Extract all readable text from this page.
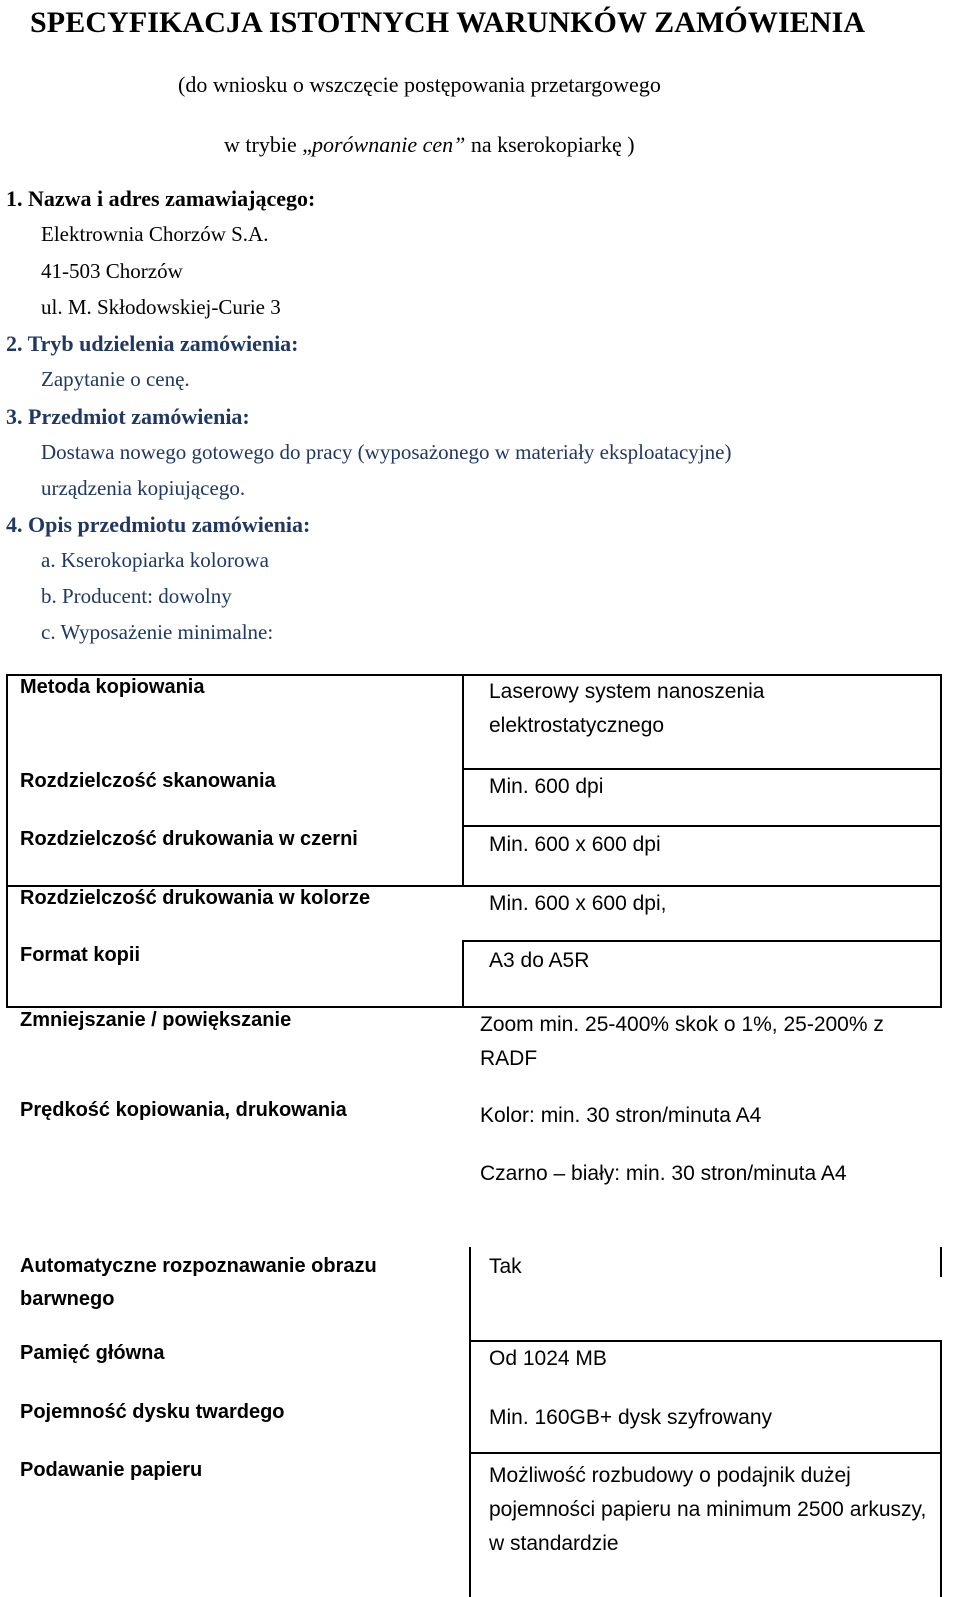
SPECYFIKACJA ISTOTNYCH WARUNKÓW ZAMÓWIENIA
(do wniosku o wszczęcie postępowania przetargowego
w trybie „porównanie cen” na kserokopiarkę )
1. Nazwa i adres zamawiającego:
Elektrownia Chorzów S.A.
41-503 Chorzów
ul. M. Skłodowskiej-Curie 3
2. Tryb udzielenia zamówienia:
Zapytanie o cenę.
3. Przedmiot zamówienia:
Dostawa nowego gotowego do pracy (wyposażonego w materiały eksploatacyjne)
urządzenia kopiującego.
4. Opis przedmiotu zamówienia:
a. Kserokopiarka kolorowa
b. Producent: dowolny
c. Wyposażenie minimalne:
Metoda kopiowania
Rozdzielczość skanowania
Rozdzielczość drukowania w czerni
Rozdzielczość drukowania w kolorze
Format kopii
Zmniejszanie / powiększanie
Prędkość kopiowania, drukowania
Automatyczne rozpoznawanie obrazu barwnego
Pamięć główna
Pojemność dysku twardego
Podawanie papieru
Laserowy system nanoszenia elektrostatycznego
Min. 600 dpi
Min. 600 x 600 dpi
Min. 600 x 600 dpi,
A3 do A5R
Zoom min. 25-400% skok o 1%, 25-200% z RADF
Kolor: min. 30 stron/minuta A4
Czarno – biały: min. 30 stron/minuta A4
Tak
Od 1024 MB
Min. 160GB+ dysk szyfrowany
Możliwość rozbudowy o podajnik dużej pojemności papieru na minimum 2500 arkuszy, w standardzie
